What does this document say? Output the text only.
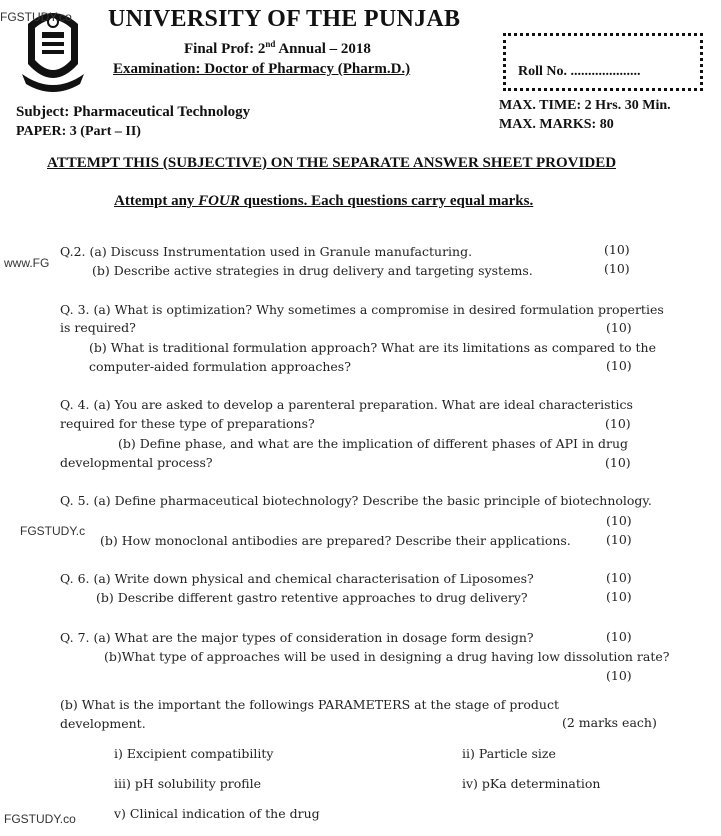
FGSTUDY.co UNIVERSITY OF THE PUNJAB
Final Prof: 2nd Annual – 2018
Examination: Doctor of Pharmacy (Pharm.D.)	Roll No. ....................
Subject: Pharmaceutical Technology
PAPER: 3 (Part – II)
MAX. TIME: 2 Hrs. 30 Min.
MAX. MARKS: 80
ATTEMPT THIS (SUBJECTIVE) ON THE SEPARATE ANSWER SHEET PROVIDED
Attempt any FOUR questions. Each questions carry equal marks.
www.FG
Q.2. (a) Discuss Instrumentation used in Granule manufacturing.	(10)
(b) Describe active strategies in drug delivery and targeting systems.	(10)
Q. 3. (a) What is optimization? Why sometimes a compromise in desired formulation properties
is required?	(10)
(b) What is traditional formulation approach? What are its limitations as compared to the
computer-aided formulation approaches?	(10)
Q. 4. (a) You are asked to develop a parenteral preparation. What are ideal characteristics
required for these type of preparations?	(10)
(b) Define phase, and what are the implication of different phases of API in drug
developmental process?	(10)
Q. 5. (a) Define pharmaceutical biotechnology? Describe the basic principle of biotechnology.
(10)
FGSTUDY.c
(b) How monoclonal antibodies are prepared? Describe their applications.	(10)
Q. 6. (a) Write down physical and chemical characterisation of Liposomes?	(10)
(b) Describe different gastro retentive approaches to drug delivery?	(10)
Q. 7. (a) What are the major types of consideration in dosage form design?	(10)
(b)What type of approaches will be used in designing a drug having low dissolution rate?
(10)
(b) What is the important the followings PARAMETERS at the stage of product
development.	(2 marks each)
i) Excipient compatibility	ii) Particle size
iii) pH solubility profile	iv) pKa determination
v) Clinical indication of the drug
FGSTUDY.co
